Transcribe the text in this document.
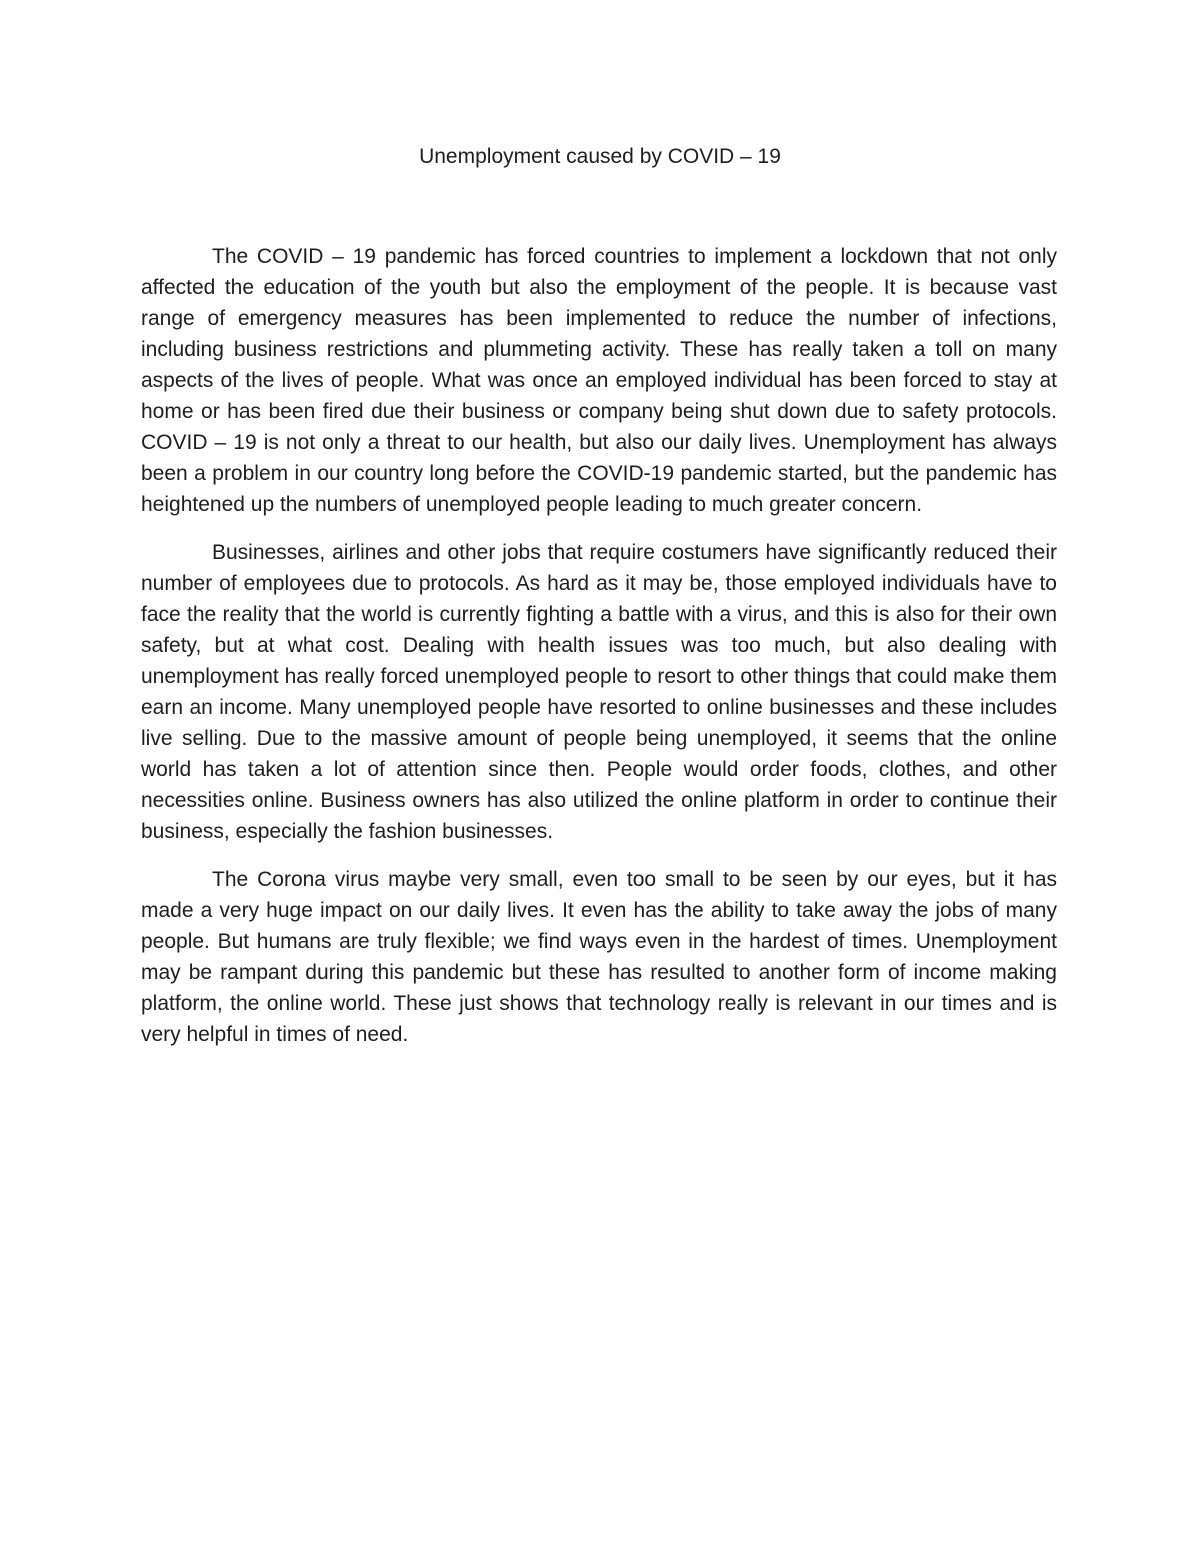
Unemployment caused by COVID – 19

The COVID – 19 pandemic has forced countries to implement a lockdown that not only affected the education of the youth but also the employment of the people. It is because vast range of emergency measures has been implemented to reduce the number of infections, including business restrictions and plummeting activity. These has really taken a toll on many aspects of the lives of people. What was once an employed individual has been forced to stay at home or has been fired due their business or company being shut down due to safety protocols. COVID – 19 is not only a threat to our health, but also our daily lives. Unemployment has always been a problem in our country long before the COVID-19 pandemic started, but the pandemic has heightened up the numbers of unemployed people leading to much greater concern.

Businesses, airlines and other jobs that require costumers have significantly reduced their number of employees due to protocols. As hard as it may be, those employed individuals have to face the reality that the world is currently fighting a battle with a virus, and this is also for their own safety, but at what cost. Dealing with health issues was too much, but also dealing with unemployment has really forced unemployed people to resort to other things that could make them earn an income. Many unemployed people have resorted to online businesses and these includes live selling. Due to the massive amount of people being unemployed, it seems that the online world has taken a lot of attention since then. People would order foods, clothes, and other necessities online. Business owners has also utilized the online platform in order to continue their business, especially the fashion businesses.

The Corona virus maybe very small, even too small to be seen by our eyes, but it has made a very huge impact on our daily lives. It even has the ability to take away the jobs of many people. But humans are truly flexible; we find ways even in the hardest of times. Unemployment may be rampant during this pandemic but these has resulted to another form of income making platform, the online world. These just shows that technology really is relevant in our times and is very helpful in times of need.
